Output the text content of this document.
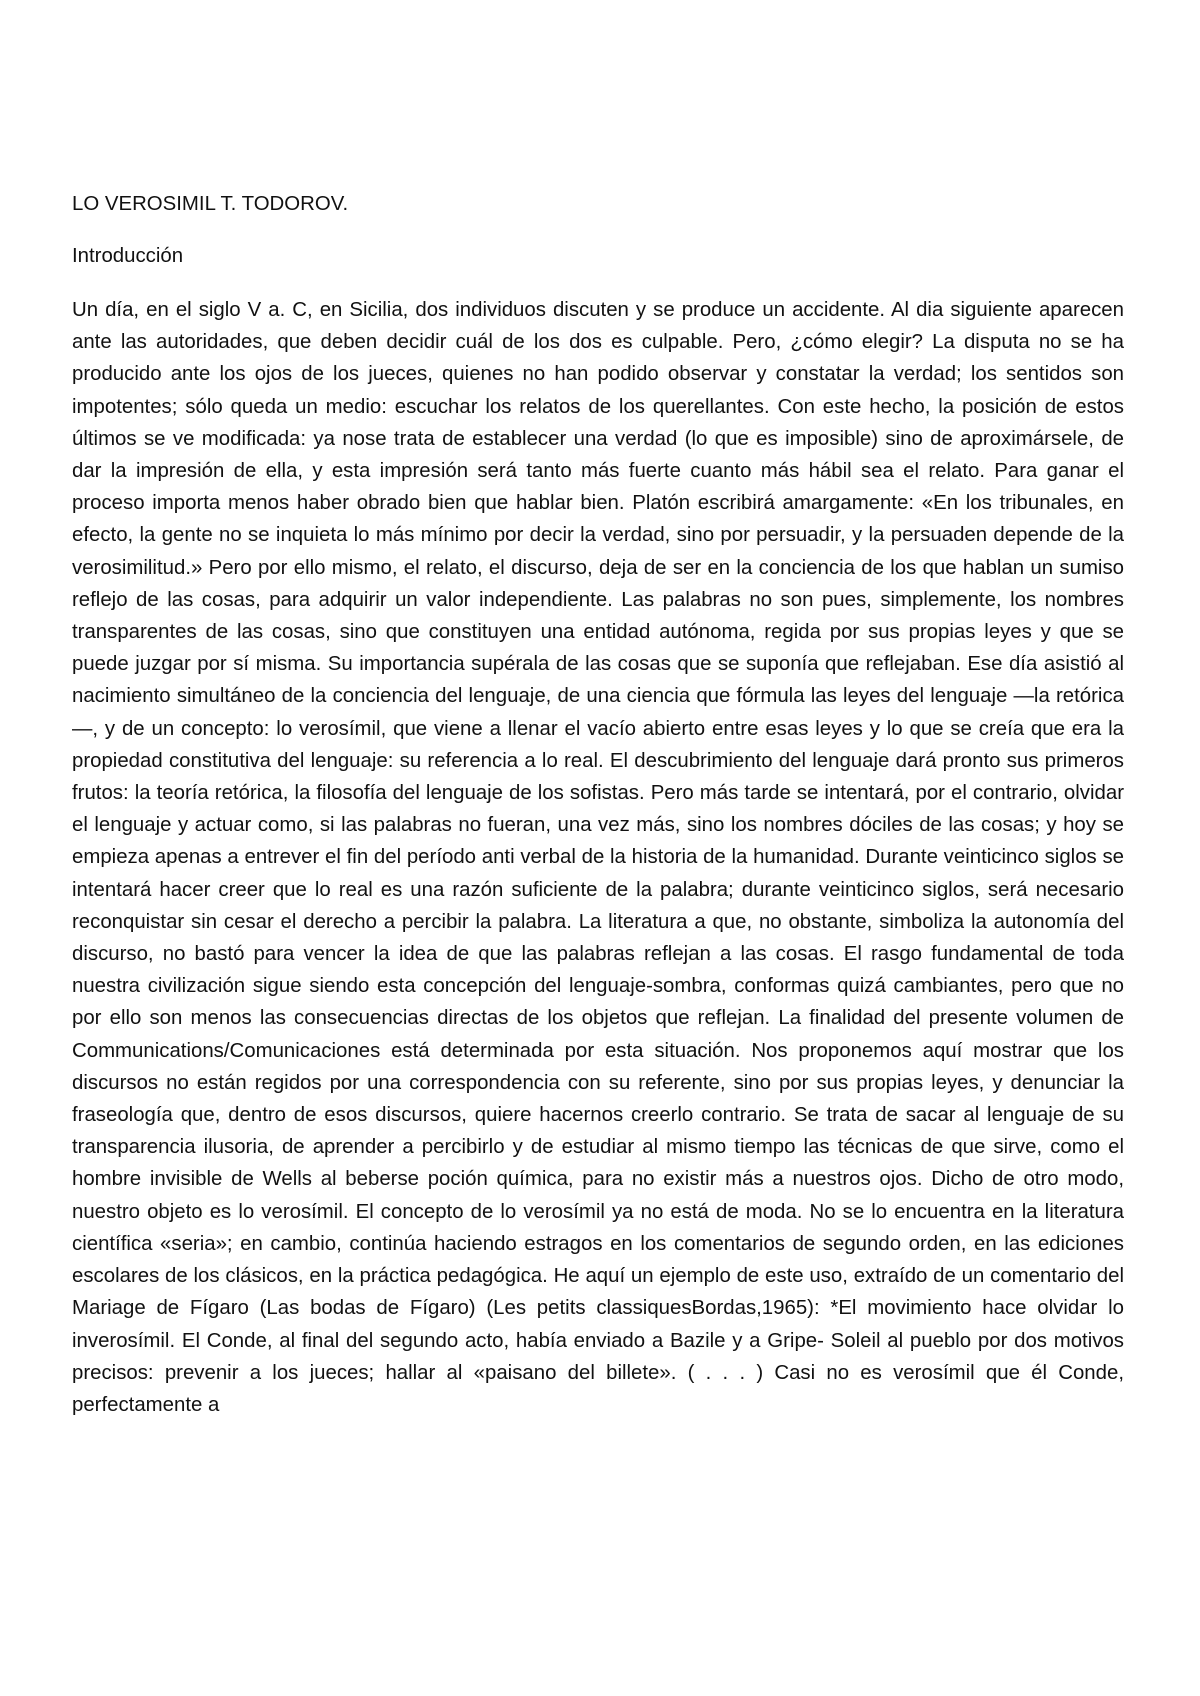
LO VEROSIMIL T. TODOROV.
Introducción

Un día, en el siglo V a. C, en Sicilia, dos individuos discuten y se produce un accidente. Al dia siguiente aparecen ante las autoridades, que deben decidir cuál de los dos es culpable. Pero, ¿cómo elegir? La disputa no se ha producido ante los ojos de los jueces, quienes no han podido observar y constatar la verdad; los sentidos son impotentes; sólo queda un medio: escuchar los relatos de los querellantes. Con este hecho, la posición de estos últimos se ve modificada: ya nose trata de establecer una verdad (lo que es imposible) sino de aproximársele, de dar la impresión de ella, y esta impresión será tanto más fuerte cuanto más hábil sea el relato. Para ganar el proceso importa menos haber obrado bien que hablar bien. Platón escribirá amargamente: «En los tribunales, en efecto, la gente no se inquieta lo más mínimo por decir la verdad, sino por persuadir, y la persuaden depende de la verosimilitud.» Pero por ello mismo, el relato, el discurso, deja de ser en la conciencia de los que hablan un sumiso reflejo de las cosas, para adquirir un valor independiente. Las palabras no son pues, simplemente, los nombres transparentes de las cosas, sino que constituyen una entidad autónoma, regida por sus propias leyes y que se puede juzgar por sí misma. Su importancia supérala de las cosas que se suponía que reflejaban. Ese día asistió al nacimiento simultáneo de la conciencia del lenguaje, de una ciencia que fórmula las leyes del lenguaje —la retórica—, y de un concepto: lo verosímil, que viene a llenar el vacío abierto entre esas leyes y lo que se creía que era la propiedad constitutiva del lenguaje: su referencia a lo real. El descubrimiento del lenguaje dará pronto sus primeros frutos: la teoría retórica, la filosofía del lenguaje de los sofistas. Pero más tarde se intentará, por el contrario, olvidar el lenguaje y actuar como, si las palabras no fueran, una vez más, sino los nombres dóciles de las cosas; y hoy se empieza apenas a entrever el fin del período anti verbal de la historia de la humanidad. Durante veinticinco siglos se intentará hacer creer que lo real es una razón suficiente de la palabra; durante veinticinco siglos, será necesario reconquistar sin cesar el derecho a percibir la palabra. La literatura a que, no obstante, simboliza la autonomía del discurso, no bastó para vencer la idea de que las palabras reflejan a las cosas. El rasgo fundamental de toda nuestra civilización sigue siendo esta concepción del lenguaje-sombra, conformas quizá cambiantes, pero que no por ello son menos las consecuencias directas de los objetos que reflejan. La finalidad del presente volumen de Communications/Comunicaciones está determinada por esta situación. Nos proponemos aquí mostrar que los discursos no están regidos por una correspondencia con su referente, sino por sus propias leyes, y denunciar la fraseología que, dentro de esos discursos, quiere hacernos creerlo contrario. Se trata de sacar al lenguaje de su transparencia ilusoria, de aprender a percibirlo y de estudiar al mismo tiempo las técnicas de que sirve, como el hombre invisible de Wells al beberse poción química, para no existir más a nuestros ojos. Dicho de otro modo, nuestro objeto es lo verosímil. El concepto de lo verosímil ya no está de moda. No se lo encuentra en la literatura científica «seria»; en cambio, continúa haciendo estragos en los comentarios de segundo orden, en las ediciones escolares de los clásicos, en la práctica pedagógica. He aquí un ejemplo de este uso, extraído de un comentario del Mariage de Fígaro (Las bodas de Fígaro) (Les petits classiquesBordas,1965): *El movimiento hace olvidar lo inverosímil. El Conde, al final del segundo acto, había enviado a Bazile y a Gripe- Soleil al pueblo por dos motivos precisos: prevenir a los jueces; hallar al «paisano del billete». ( . . . ) Casi no es verosímil que él Conde, perfectamente a
